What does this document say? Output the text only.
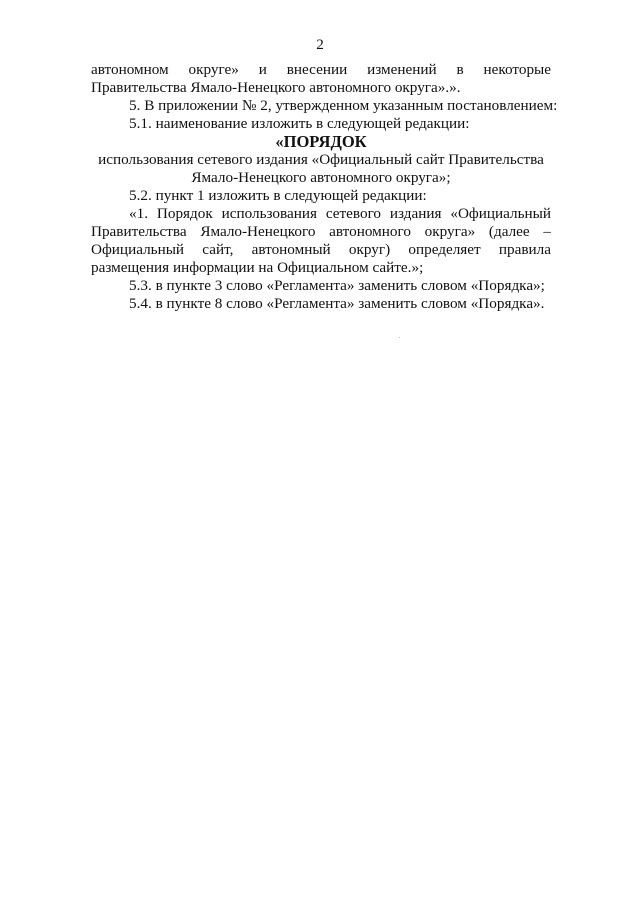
2
автономном округе» и внесении изменений в некоторые
Правительства Ямало-Ненецкого автономного округа».».
5. В приложении № 2, утвержденном указанным постановлением:
5.1. наименование изложить в следующей редакции:
«ПОРЯДОК
использования сетевого издания «Официальный сайт Правительства
Ямало-Ненецкого автономного округа»;
5.2. пункт 1 изложить в следующей редакции:
«1. Порядок использования сетевого издания «Официальный
Правительства Ямало-Ненецкого автономного округа» (далее –
Официальный сайт, автономный округ) определяет правила
размещения информации на Официальном сайте.»;
5.3. в пункте 3 слово «Регламента» заменить словом «Порядка»;
5.4. в пункте 8 слово «Регламента» заменить словом «Порядка».
